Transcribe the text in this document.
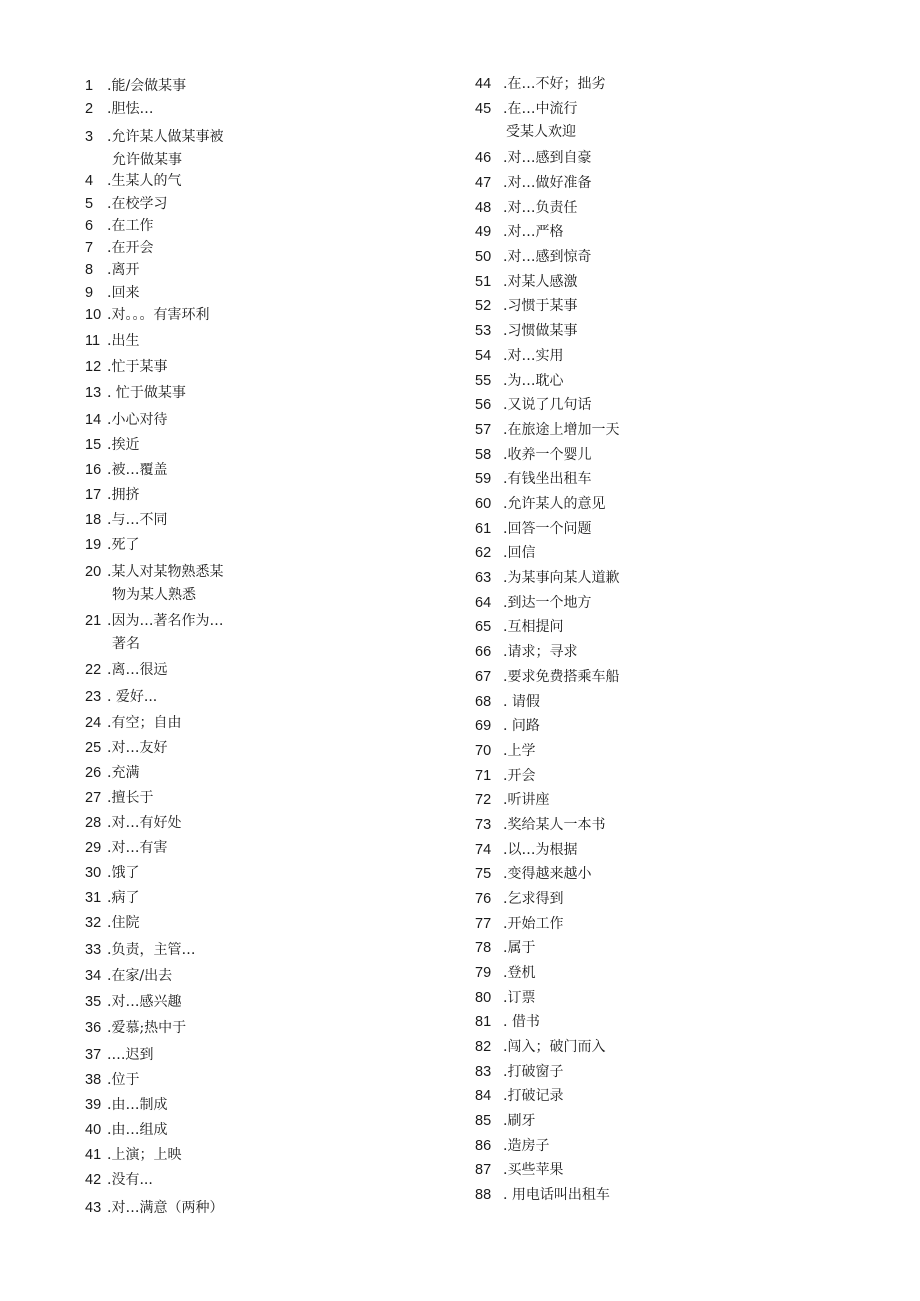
1 .能/会做某事
2 .胆怯…
3 .允许某人做某事被
允许做某事
4 .生某人的气
5 .在校学习
6 .在工作
7 .在开会
8 .离开
9 .回来
10 .对。。。有害环利
11 .出生
12 .忙于某事
13 . 忙于做某事
14 .小心对待
15 .挨近
16 .被…覆盖
17 .拥挤
18 .与…不同
19 .死了
20 .某人对某物熟悉某
物为某人熟悉
21 .因为…著名作为…
著名
22 .离…很远
23 . 爱好...
24 .有空；自由
25 .对…友好
26 .充满
27 .擅长于
28 .对…有好处
29 .对…有害
30 .饿了
31 .病了
32 .住院
33 .负责，主管…
34 .在家/出去
35 .对…感兴趣
36 .爱慕;热中于
37 .…迟到
38 .位于
39 .由…制成
40 .由…组成
41 .上演；上映
42 .没有...
43 .对…满意（两种）
44 .在…不好；拙劣
45 .在…中流行
受某人欢迎
46 .对…感到自豪
47 .对…做好准备
48 .对…负责任
49 .对…严格
50 .对…感到惊奇
51 .对某人感激
52 .习惯于某事
53 .习惯做某事
54 .对…实用
55 .为…耽心
56 .又说了几句话
57 .在旅途上增加一天
58 .收养一个婴儿
59 .有钱坐出租车
60 .允许某人的意见
61 .回答一个问题
62 .回信
63 .为某事向某人道歉
64 .到达一个地方
65 .互相提问
66 .请求；寻求
67 .要求免费搭乘车船
68 . 请假
69 . 问路
70 .上学
71 .开会
72 .听讲座
73 .奖给某人一本书
74 .以…为根据
75 .变得越来越小
76 .乞求得到
77 .开始工作
78 .属于
79 .登机
80 .订票
81 . 借书
82 .闯入；破门而入
83 .打破窗子
84 .打破记录
85 .刷牙
86 .造房子
87 .买些苹果
88 . 用电话叫出租车
